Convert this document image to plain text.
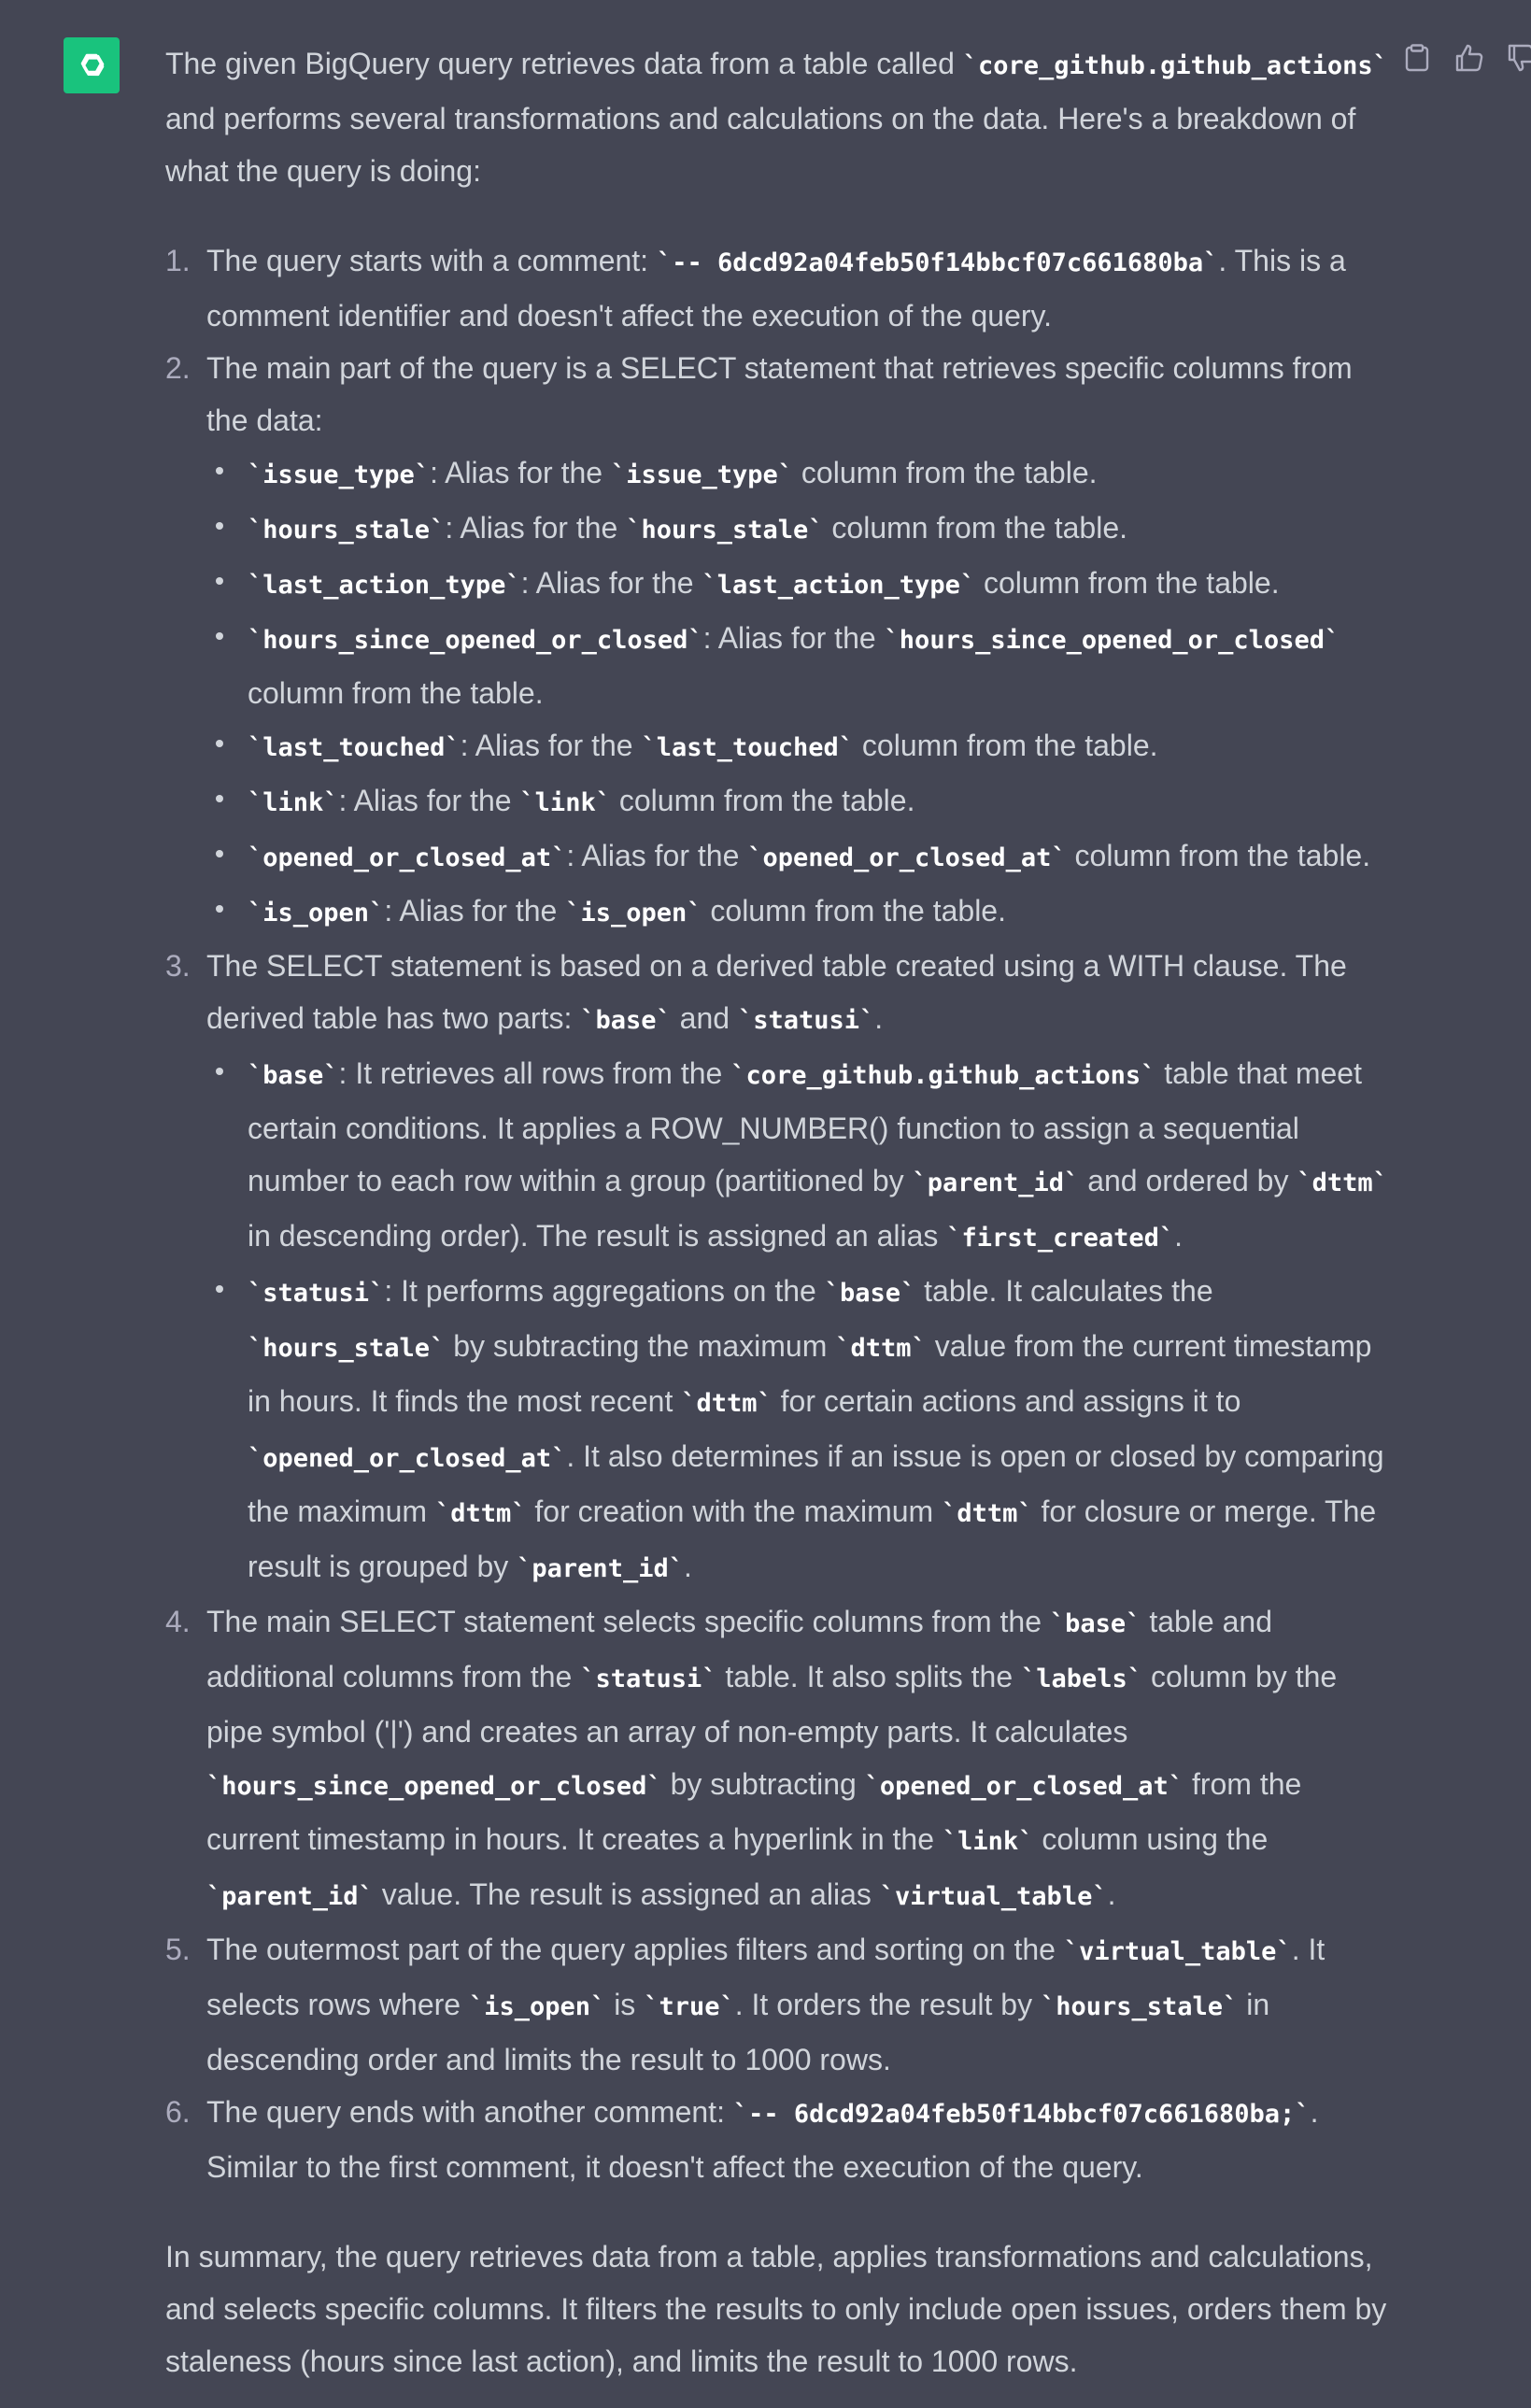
The given BigQuery query retrieves data from a table called `core_github.github_actions` and performs several transformations and calculations on the data. Here's a breakdown of what the query is doing:

1. The query starts with a comment: `-- 6dcd92a04feb50f14bbcf07c661680ba`. This is a comment identifier and doesn't affect the execution of the query.
2. The main part of the query is a SELECT statement that retrieves specific columns from the data:
`issue_type`: Alias for the `issue_type` column from the table.
`hours_stale`: Alias for the `hours_stale` column from the table.
`last_action_type`: Alias for the `last_action_type` column from the table.
`hours_since_opened_or_closed`: Alias for the `hours_since_opened_or_closed` column from the table.
`last_touched`: Alias for the `last_touched` column from the table.
`link`: Alias for the `link` column from the table.
`opened_or_closed_at`: Alias for the `opened_or_closed_at` column from the table.
`is_open`: Alias for the `is_open` column from the table.
3. The SELECT statement is based on a derived table created using a WITH clause. The derived table has two parts: `base` and `statusi`.
`base`: It retrieves all rows from the `core_github.github_actions` table that meet certain conditions. It applies a ROW_NUMBER() function to assign a sequential number to each row within a group (partitioned by `parent_id` and ordered by `dttm` in descending order). The result is assigned an alias `first_created`.
`statusi`: It performs aggregations on the `base` table. It calculates the `hours_stale` by subtracting the maximum `dttm` value from the current timestamp in hours. It finds the most recent `dttm` for certain actions and assigns it to `opened_or_closed_at`. It also determines if an issue is open or closed by comparing the maximum `dttm` for creation with the maximum `dttm` for closure or merge. The result is grouped by `parent_id`.
4. The main SELECT statement selects specific columns from the `base` table and additional columns from the `statusi` table. It also splits the `labels` column by the pipe symbol ('|') and creates an array of non-empty parts. It calculates `hours_since_opened_or_closed` by subtracting `opened_or_closed_at` from the current timestamp in hours. It creates a hyperlink in the `link` column using the `parent_id` value. The result is assigned an alias `virtual_table`.
5. The outermost part of the query applies filters and sorting on the `virtual_table`. It selects rows where `is_open` is `true`. It orders the result by `hours_stale` in descending order and limits the result to 1000 rows.
6. The query ends with another comment: `-- 6dcd92a04feb50f14bbcf07c661680ba;`. Similar to the first comment, it doesn't affect the execution of the query.

In summary, the query retrieves data from a table, applies transformations and calculations, and selects specific columns. It filters the results to only include open issues, orders them by staleness (hours since last action), and limits the result to 1000 rows.
